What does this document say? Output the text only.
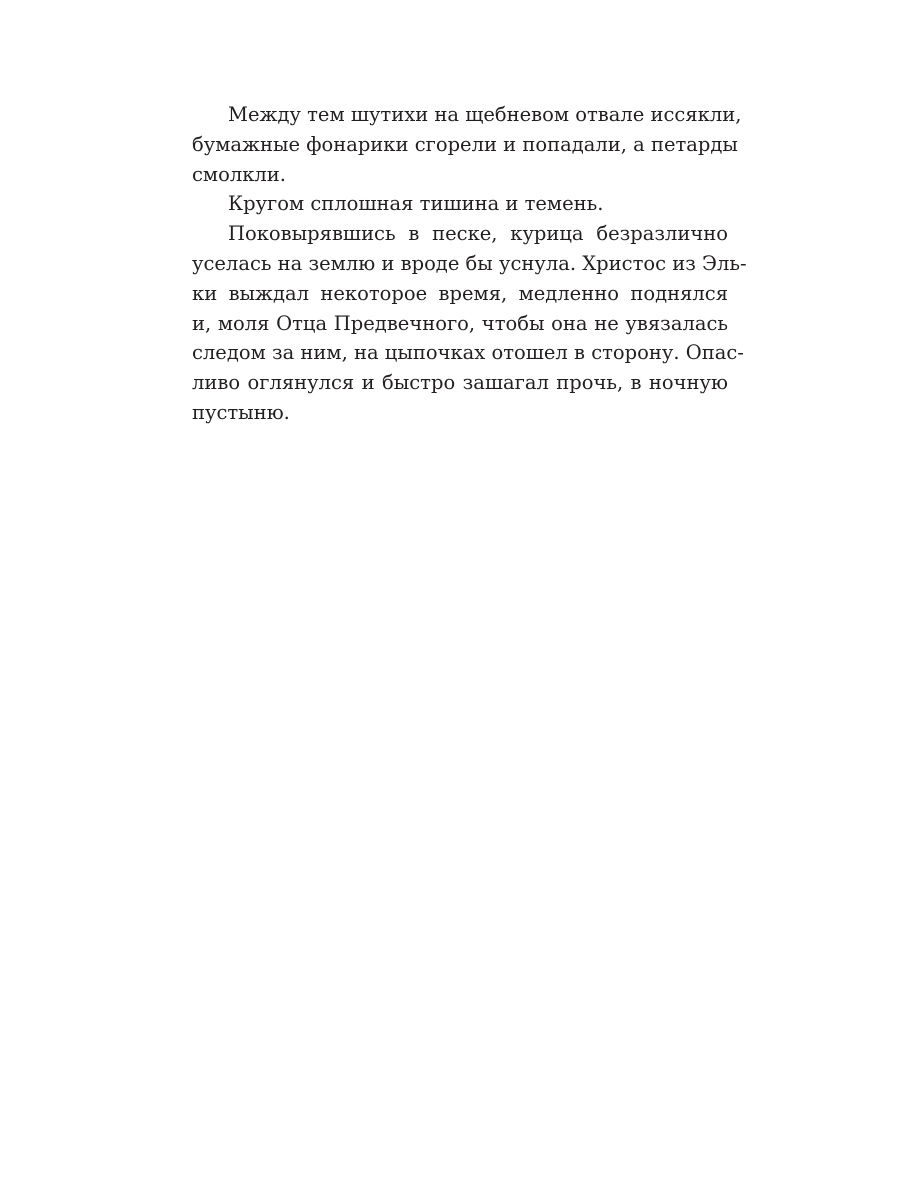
Между тем шутихи на щебневом отвале иссякли,
бумажные фонарики сгорели и попадали, а петарды
смолкли.
Кругом сплошная тишина и темень.
Поковырявшись в песке, курица безразлично
уселась на землю и вроде бы уснула. Христос из Эль-
ки выждал некоторое время, медленно поднялся
и, моля Отца Предвечного, чтобы она не увязалась
следом за ним, на цыпочках отошел в сторону. Опас-
ливо оглянулся и быстро зашагал прочь, в ночную
пустыню.
